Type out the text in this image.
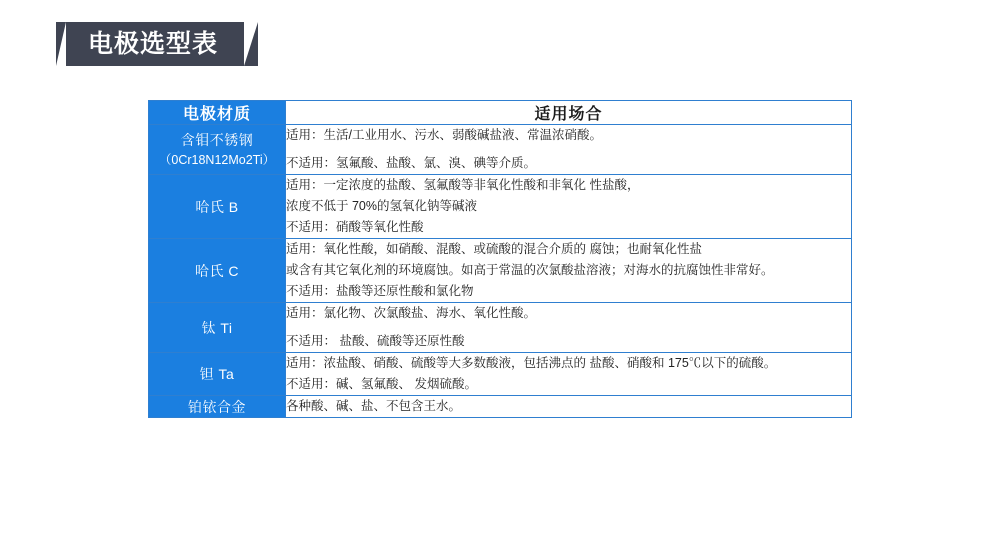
电极选型表
电极材质	适用场合
含钼不锈钢
（0Cr18N12Mo2Ti）	适用：生活/工业用水、污水、弱酸碱盐液、常温浓硝酸。
不适用：氢氟酸、盐酸、氯、溴、碘等介质。

哈氏 B	适用：一定浓度的盐酸、氢氟酸等非氧化性酸和非氧化 性盐酸，
浓度不低于 70%的氢氧化钠等碱液
不适用：硝酸等氧化性酸

哈氏 C	适用：氧化性酸，如硝酸、混酸、或硫酸的混合介质的 腐蚀；也耐氧化性盐
或含有其它氧化剂的环境腐蚀。如高于常温的次氯酸盐溶液；对海水的抗腐蚀性非常好。
不适用：盐酸等还原性酸和氯化物

钛 Ti	适用：氯化物、次氯酸盐、海水、氧化性酸。
不适用： 盐酸、硫酸等还原性酸

钽 Ta	适用：浓盐酸、硝酸、硫酸等大多数酸液，包括沸点的 盐酸、硝酸和 175℃以下的硫酸。
不适用：碱、氢氟酸、 发烟硫酸。

铂铱合金	各种酸、碱、盐、不包含王水。
